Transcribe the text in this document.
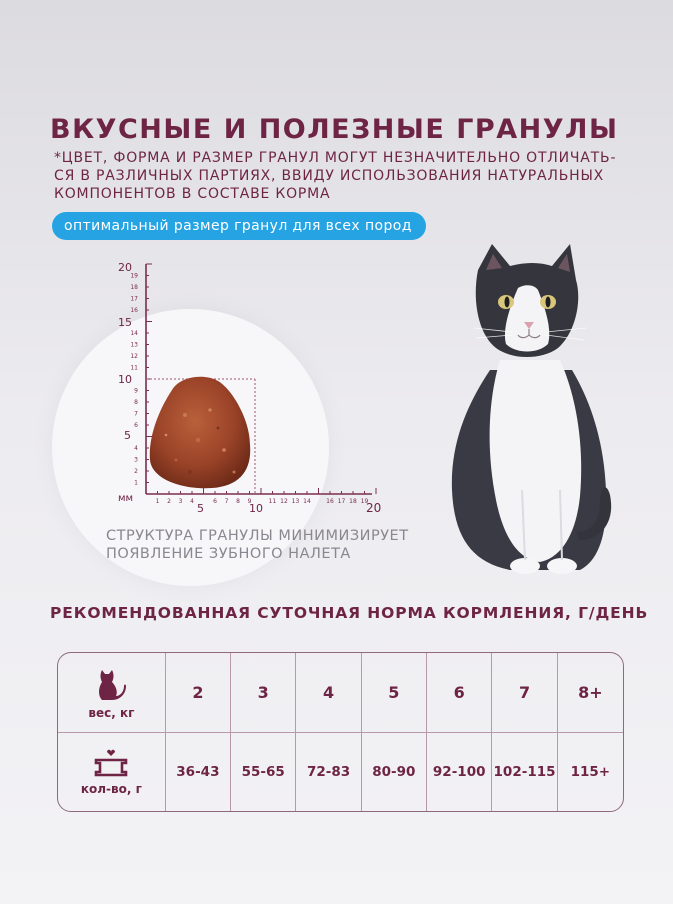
ВКУСНЫЕ И ПОЛЕЗНЫЕ ГРАНУЛЫ
*ЦВЕТ, ФОРМА И РАЗМЕР ГРАНУЛ МОГУТ НЕЗНАЧИТЕЛЬНО ОТЛИЧАТЬ-
СЯ В РАЗЛИЧНЫХ ПАРТИЯХ, ВВИДУ ИСПОЛЬЗОВАНИЯ НАТУРАЛЬНЫХ
КОМПОНЕНТОВ В СОСТАВЕ КОРМА
оптимальный размер гранул для всех пород
1
1
2
2
3
3
4
4
6
6
7
7
8
8
9
9
11
11
12
12
13
13
14
14
16
16
17
17
18
18
19
19
20
15
10
5
мм
5	10	20
СТРУКТУРА ГРАНУЛЫ МИНИМИЗИРУЕТ
ПОЯВЛЕНИЕ ЗУБНОГО НАЛЕТА
РЕКОМЕНДОВАННАЯ СУТОЧНАЯ НОРМА КОРМЛЕНИЯ, Г/ДЕНЬ
вес, кг
2	3	4	5	6	7	8+
кол-во, г
36-43	55-65	72-83	80-90	92-100 102-115	115+
